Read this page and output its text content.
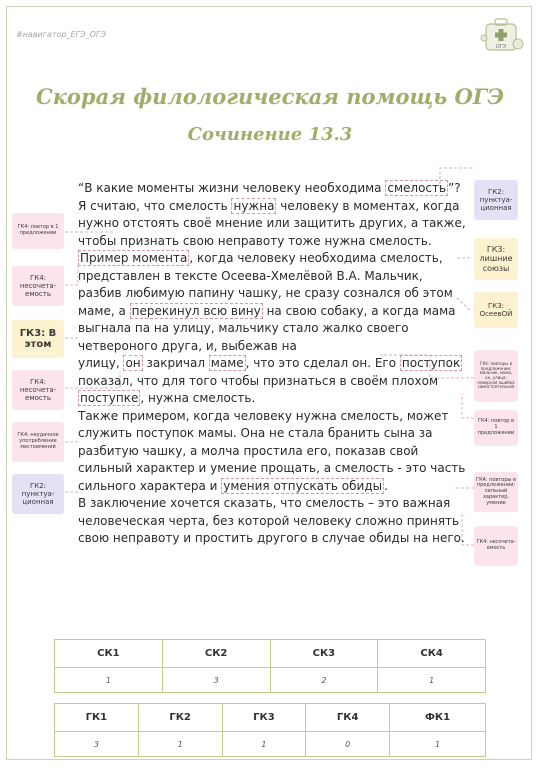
#навигатор_ЕГЭ_ОГЭ
ОГЭ
Скорая филологическая помощь ОГЭ
Сочинение 13.3

“В какие моменты жизни человеку необходима смелость ”?

Я считаю, что смелость нужна человеку в моментах, когда нужно отстоять своё мнение или защитить других, а также, чтобы признать свою неправоту тоже нужна смелость.

Пример момента , когда человеку необходима смелость, представлен в тексте Осеева-Хмелёвой В.А. Мальчик, разбив любимую папину чашку, не сразу сознался об этом маме, а перекинул всю вину на свою собаку, а когда мама выгнала па на улицу, мальчику стало жалко своего четвероного друга, и, выбежав на

улицу, он закричал маме , что это сделал он. Его поступок показал, что для того чтобы признаться в своём плохом поступке , нужна смелость.

Также примером, когда человеку нужна смелость, может служить поступок мамы. Она не стала бранить сына за разбитую чашку, а молча простила его, показав свой сильный характер и умение прощать, а смелость - это часть сильного характера и умения отпускать обиды .

В заключение хочется сказать, что смелость – это важная человеческая черта, без которой человеку сложно принять свою неправоту и простить другого в случае обиды на него.

ГК4: повтор в 1 предложении
ГК4: несочета- емость
ГК3: В этом
ГК4: несочета- емость
ГК4: неудачное употребление местоимений
ГК2: пунктуа- ционная
ГК2: пунктуа- ционная
ГК3: лишние союзы
ГК3: ОсеевОЙ
ГК4: повторы в предложении: мальчик, мама, он, улица; неверная ошибка самостоятельная
ГК4: повтор в 1 предложении
ГК4: повторы в предложении: сильный характер, умение
ГК4: несочета- емость
СК1	СК2	СК3	СК4
1	3	2	1
ГК1	ГК2	ГК3	ГК4	ФК1
3	1	1	0	1
